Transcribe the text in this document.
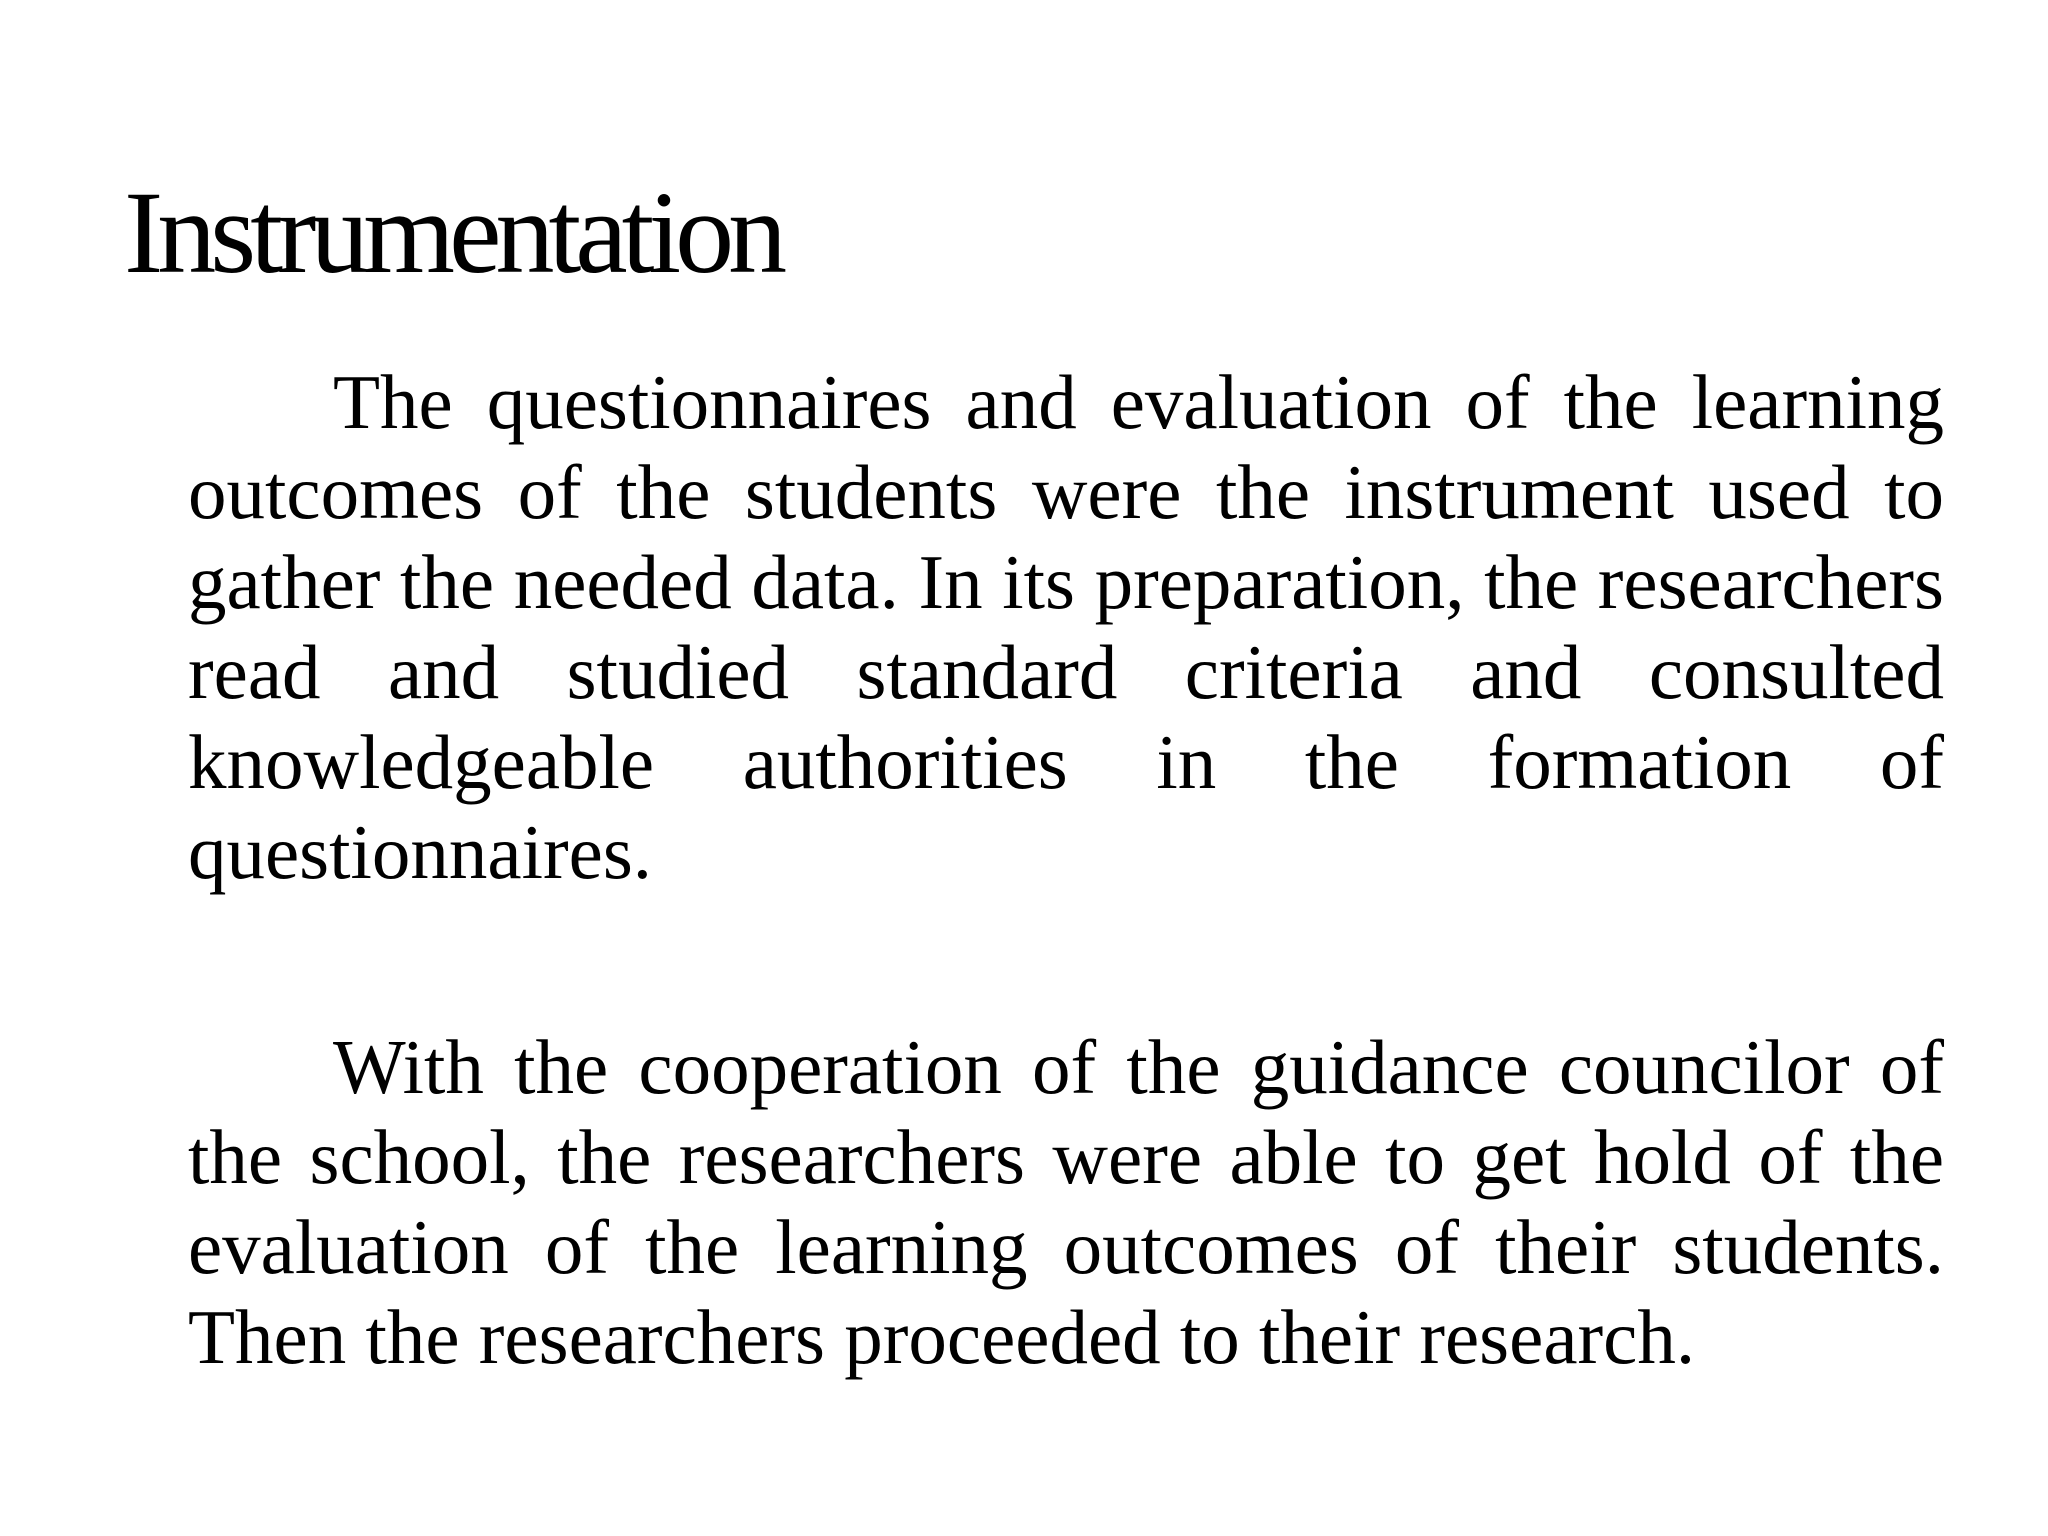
Instrumentation

The questionnaires and evaluation of the learning outcomes of the students were the instrument used to gather the needed data. In its preparation, the researchers read and studied standard criteria and consulted knowledgeable authorities in the formation of questionnaires.

With the cooperation of the guidance councilor of the school, the researchers were able to get hold of the evaluation of the learning outcomes of their students. Then the researchers proceeded to their research.
